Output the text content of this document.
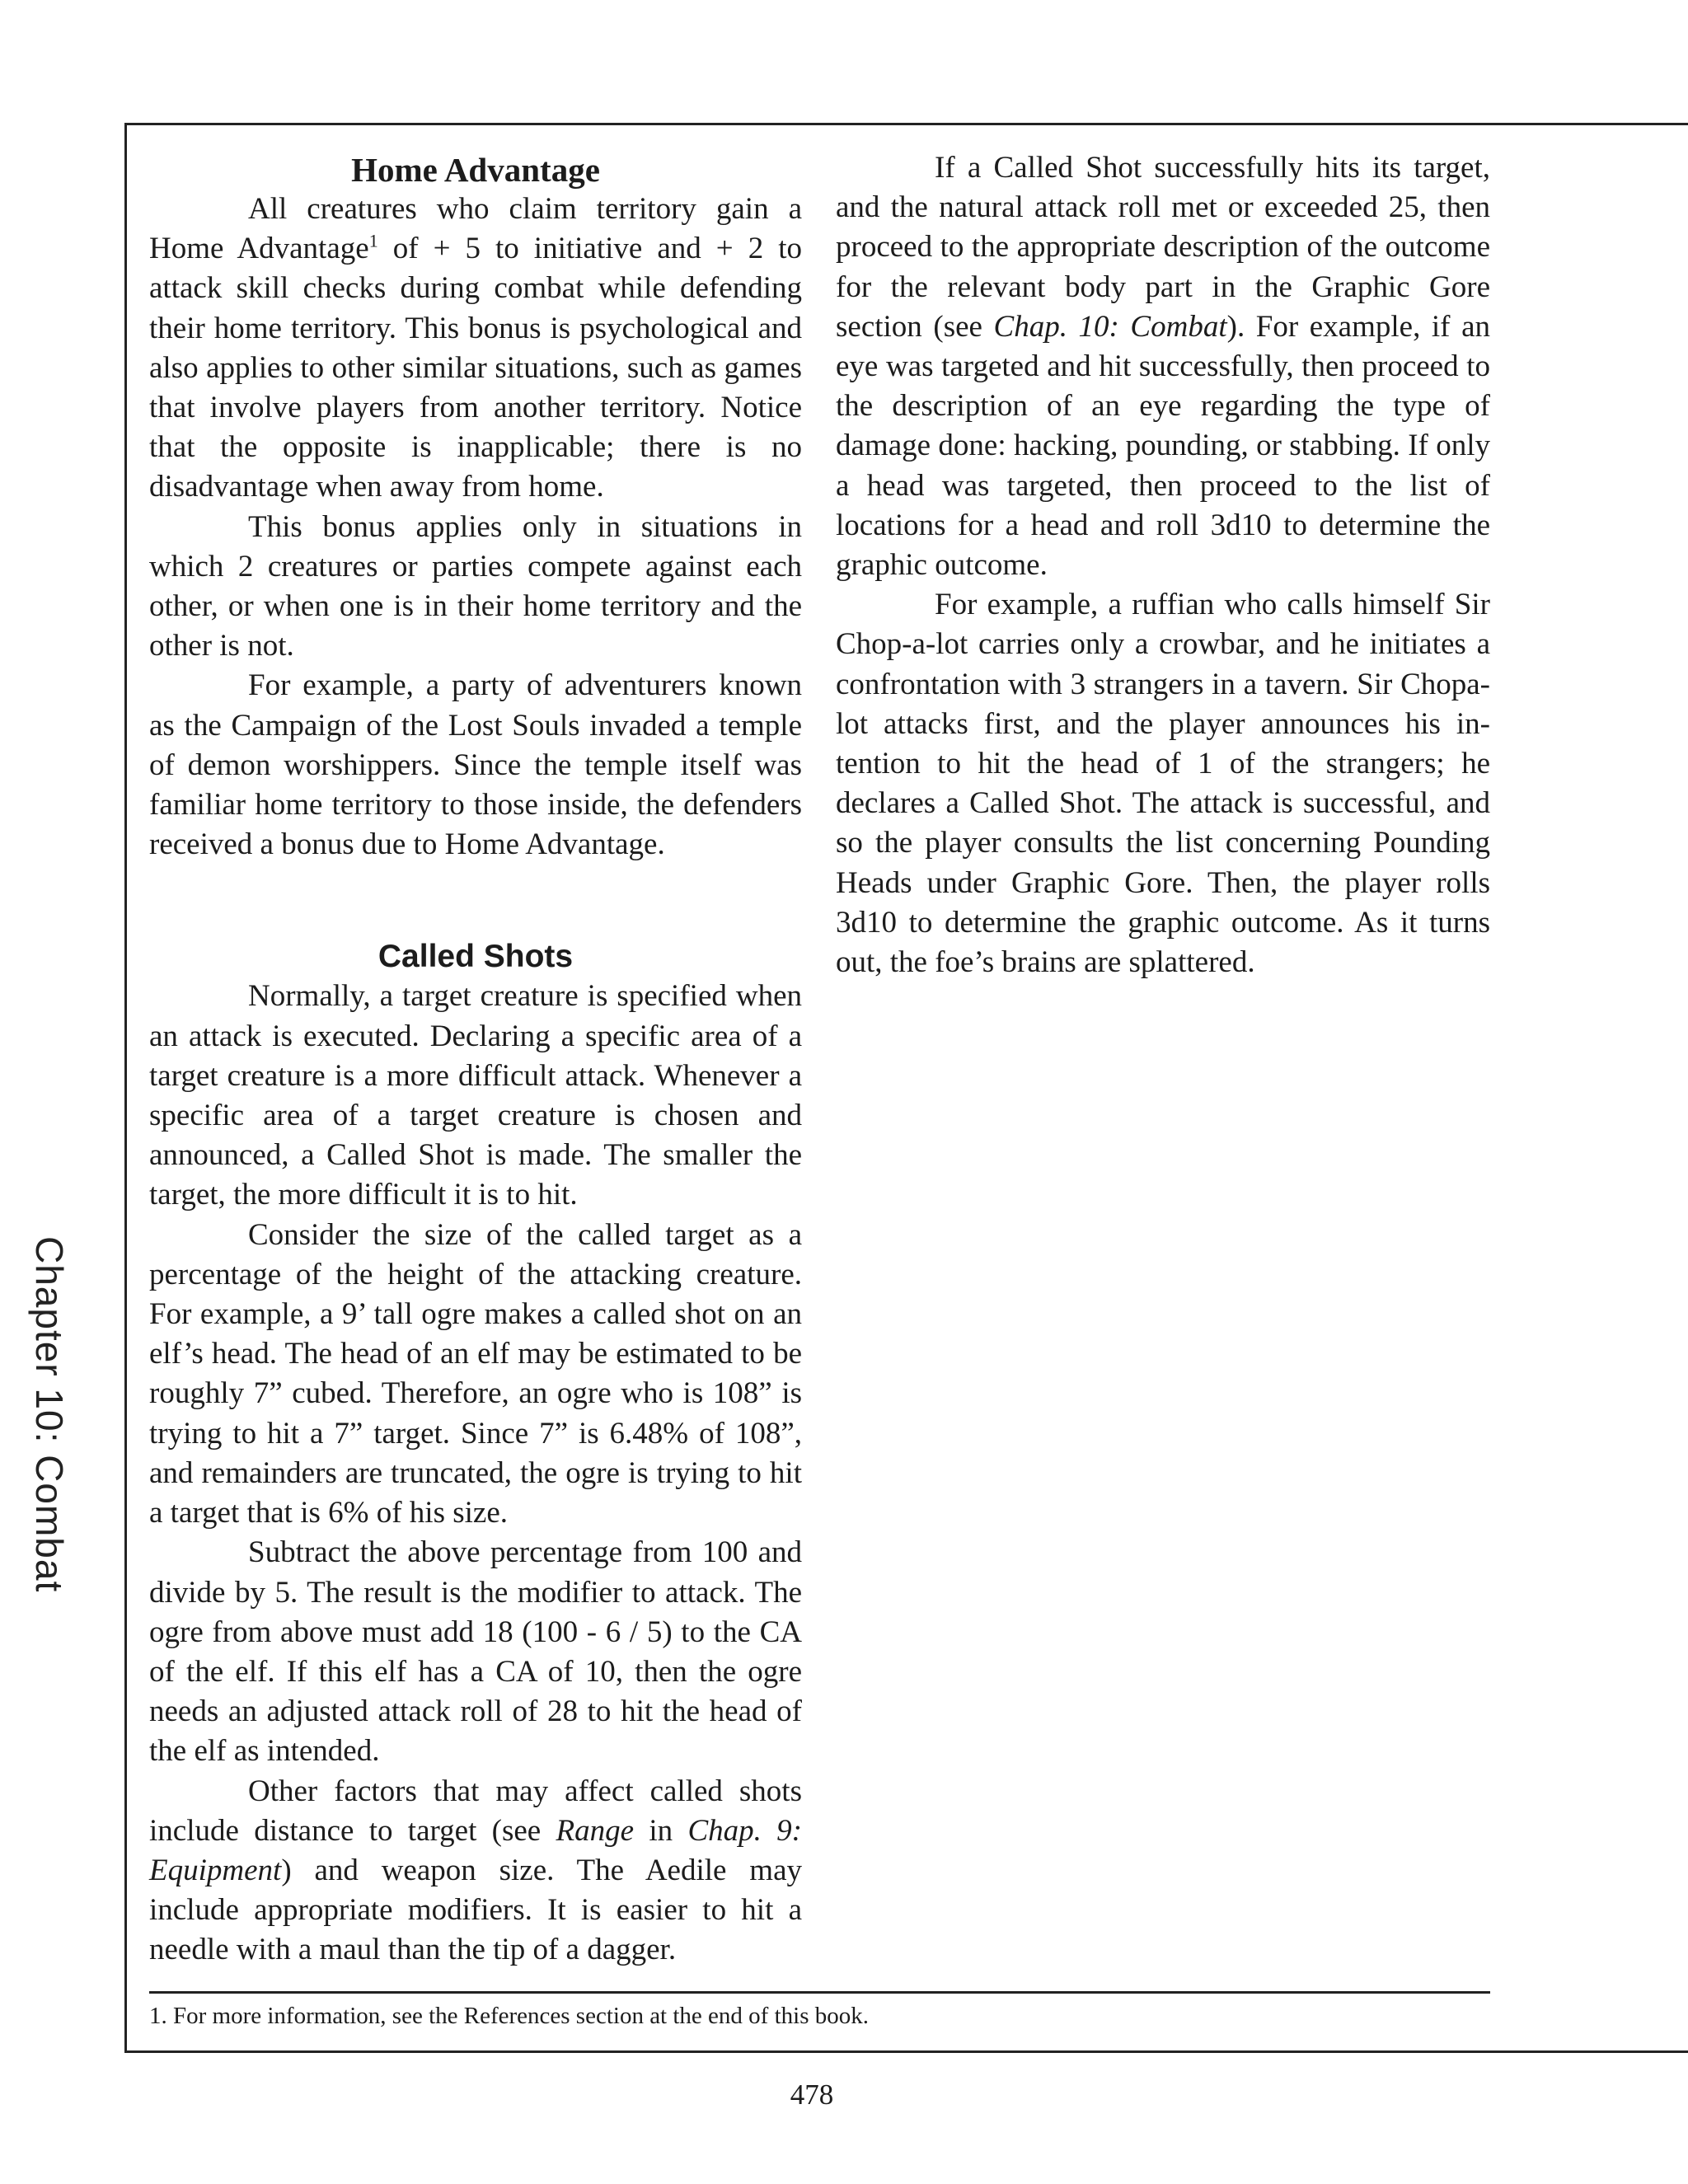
Chapter 10: Combat
Home Advantage

All creatures who claim territory gain a Home Advantage$^1$ of + 5 to initiative and + 2 to attack skill checks during combat while defending their home territory. This bonus is psychological and also applies to other similar situations, such as games that involve players from another territory. Notice that the opposite is inapplicable; there is no disadvantage when away from home.

This bonus applies only in situations in which 2 creatures or parties compete against each other, or when one is in their home territory and the other is not.

For example, a party of adventurers known as the Campaign of the Lost Souls invaded a temple of demon worshippers. Since the temple itself was familiar home territory to those inside, the defenders received a bonus due to Home Advantage.

Called Shots

Normally, a target creature is specified when an attack is executed. Declaring a specific area of a target creature is a more difficult attack. Whenever a specific area of a target creature is chosen and announced, a Called Shot is made. The smaller the target, the more difficult it is to hit.

Consider the size of the called target as a percentage of the height of the attacking creature. For example, a 9’ tall ogre makes a called shot on an elf’s head. The head of an elf may be estimated to be roughly 7” cubed. Therefore, an ogre who is 108” is trying to hit a 7” target. Since 7” is 6.48% of 108”, and remainders are truncated, the ogre is trying to hit a target that is 6% of his size.

Subtract the above percentage from 100 and divide by 5. The result is the modifier to attack. The ogre from above must add 18 (100 - 6 / 5) to the CA of the elf. If this elf has a CA of 10, then the ogre needs an adjusted attack roll of 28 to hit the head of the elf as intended.

Other factors that may affect called shots include distance to target (see Range in Chap. 9: Equipment) and weapon size. The Aedile may include appropriate modifiers. It is easier to hit a needle with a maul than the tip of a dagger.

If a Called Shot successfully hits its target, and the natural attack roll met or exceeded 25, then proceed to the appropriate description of the outcome for the relevant body part in the Graphic Gore section (see Chap. 10: Combat). For example, if an eye was targeted and hit successfully, then proceed to the description of an eye regarding the type of damage done: hacking, pounding, or stabbing. If only a head was targeted, then proceed to the list of locations for a head and roll 3d10 to determine the graphic outcome.

For example, a ruffian who calls himself Sir Chop-a-lot carries only a crowbar, and he initiates a confrontation with 3 strangers in a tavern. Sir Chopa-lot attacks first, and the player announces his intention to hit the head of 1 of the strangers; he declares a Called Shot. The attack is successful, and so the player consults the list concerning Pounding Heads under Graphic Gore. Then, the player rolls 3d10 to determine the graphic outcome. As it turns out, the foe’s brains are splattered.

1. For more information, see the References section at the end of this book.
478
